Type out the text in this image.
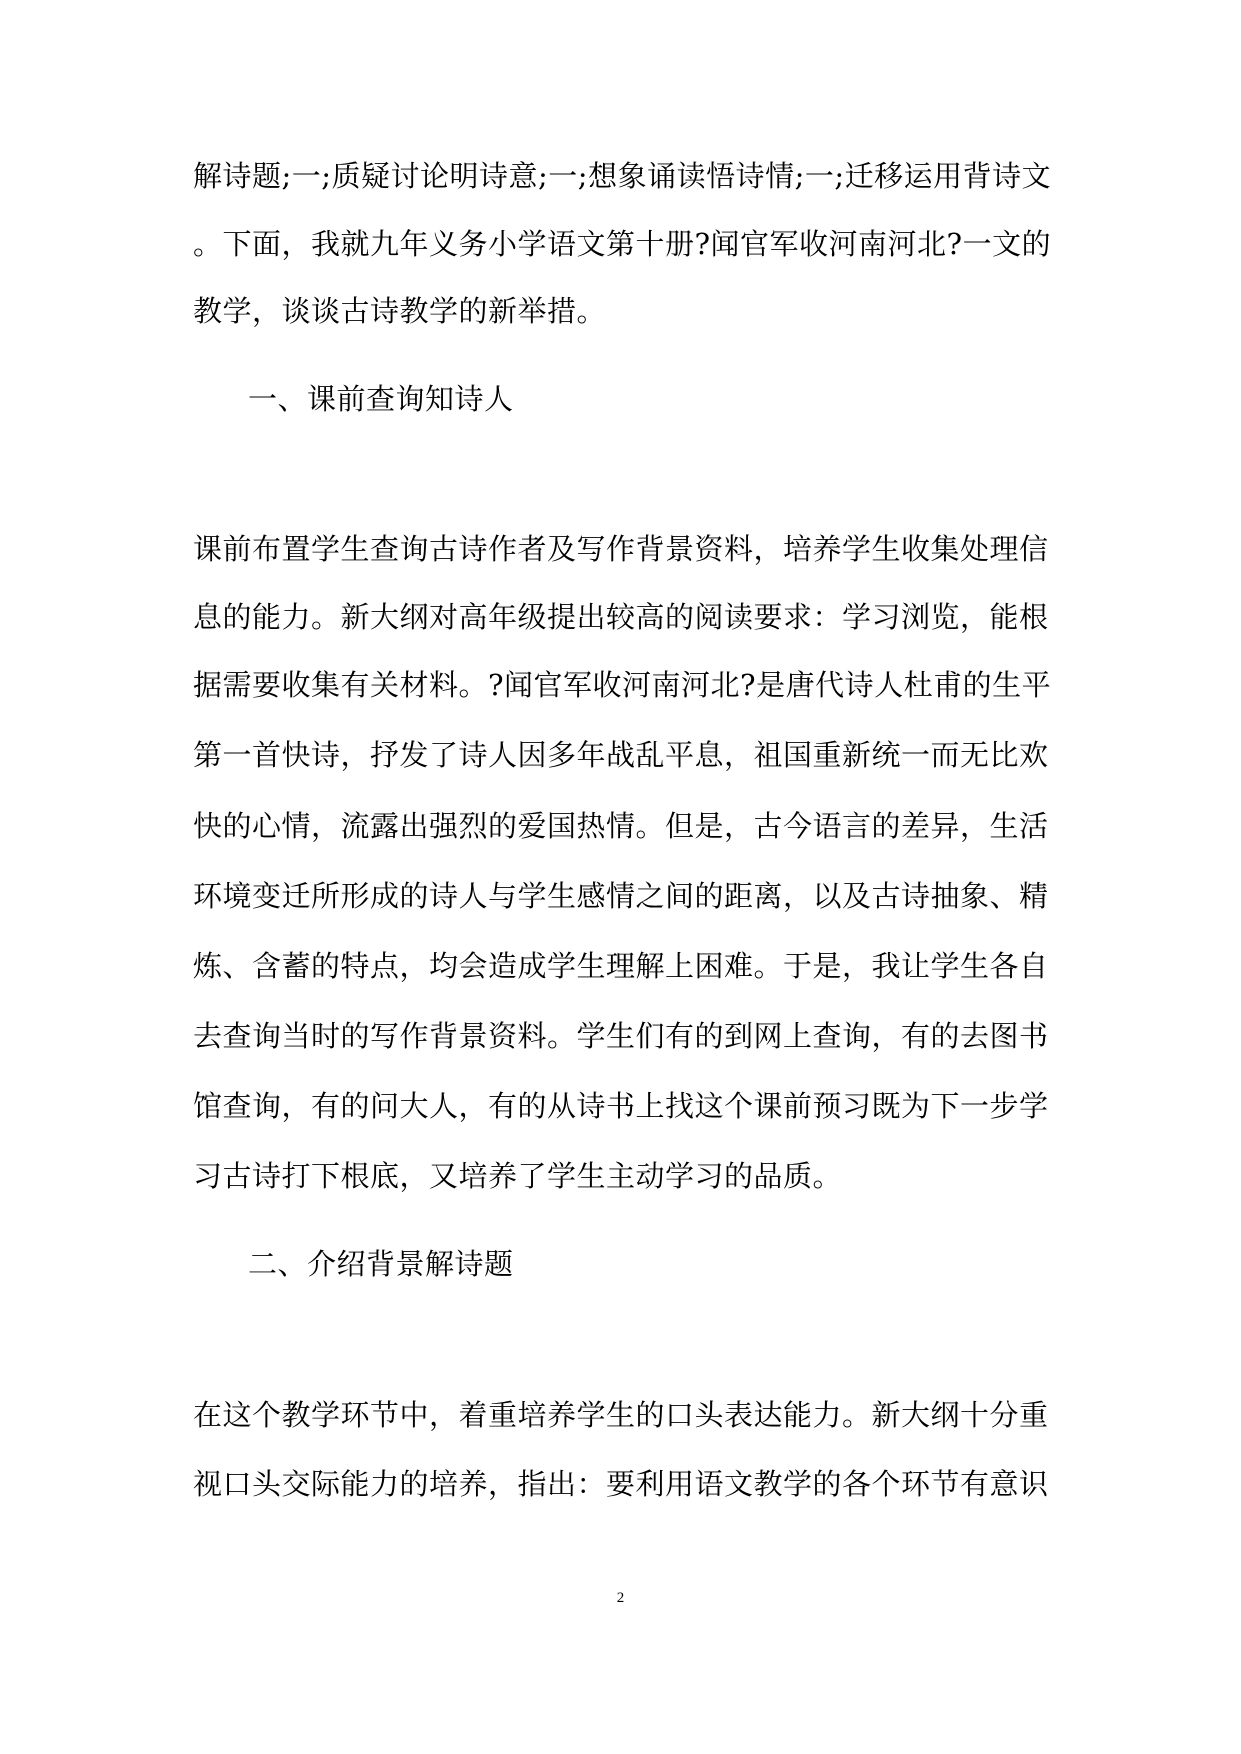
解诗题;一;质疑讨论明诗意;一;想象诵读悟诗情;一;迁移运用背诗文
。下面，我就九年义务小学语文第十册?闻官军收河南河北?一文的
教学，谈谈古诗教学的新举措。
一、课前查询知诗人
课前布置学生查询古诗作者及写作背景资料，培养学生收集处理信
息的能力。新大纲对高年级提出较高的阅读要求：学习浏览，能根
据需要收集有关材料。?闻官军收河南河北?是唐代诗人杜甫的生平
第一首快诗，抒发了诗人因多年战乱平息，祖国重新统一而无比欢
快的心情，流露出强烈的爱国热情。但是，古今语言的差异，生活
环境变迁所形成的诗人与学生感情之间的距离，以及古诗抽象、精
炼、含蓄的特点，均会造成学生理解上困难。于是，我让学生各自
去查询当时的写作背景资料。学生们有的到网上查询，有的去图书
馆查询，有的问大人，有的从诗书上找这个课前预习既为下一步学
习古诗打下根底，又培养了学生主动学习的品质。
二、介绍背景解诗题
在这个教学环节中，着重培养学生的口头表达能力。新大纲十分重
视口头交际能力的培养，指出：要利用语文教学的各个环节有意识
2
